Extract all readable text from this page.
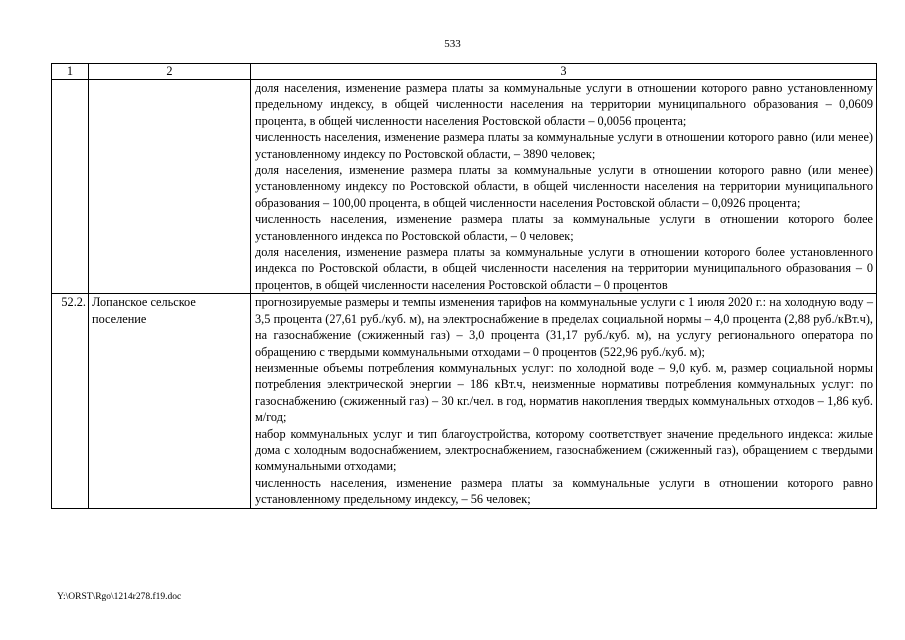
533
1	2	3

		доля населения, изменение размера платы за коммунальные услуги в отношении которого равно установленному предельному индексу, в общей численности населения на территории муниципального образования – 0,0609 процента, в общей численности населения Ростовской области – 0,0056 процента;

численность населения, изменение размера платы за коммунальные услуги в отношении которого равно (или менее) установленному индексу по Ростовской области, – 3890 человек;

доля населения, изменение размера платы за коммунальные услуги в отношении которого равно (или менее) установленному индексу по Ростовской области, в общей численности населения на территории муниципального образования – 100,00 процента, в общей численности населения Ростовской области – 0,0926 процента;

численность населения, изменение размера платы за коммунальные услуги в отношении которого более установленного индекса по Ростовской области, – 0 человек;

доля населения, изменение размера платы за коммунальные услуги в отношении которого более установленного индекса по Ростовской области, в общей численности населения на территории муниципального образования – 0 процентов, в общей численности населения Ростовской области – 0 процентов

52.2.	Лопанское сельское поселение	прогнозируемые размеры и темпы изменения тарифов на коммунальные услуги с 1 июля 2020 г.: на холодную воду – 3,5 процента (27,61 руб./куб. м), на электроснабжение в пределах социальной нормы – 4,0 процента (2,88 руб./кВт.ч), на газоснабжение (сжиженный газ) – 3,0 процента (31,17 руб./куб. м), на услугу регионального оператора по обращению с твердыми коммунальными отходами – 0 процентов (522,96 руб./куб. м);

неизменные объемы потребления коммунальных услуг: по холодной воде – 9,0 куб. м, размер социальной нормы потребления электрической энергии – 186 кВт.ч, неизменные нормативы потребления коммунальных услуг: по газоснабжению (сжиженный газ) – 30 кг./чел. в год, норматив накопления твердых коммунальных отходов – 1,86 куб. м/год;

набор коммунальных услуг и тип благоустройства, которому соответствует значение предельного индекса: жилые дома с холодным водоснабжением, электроснабжением, газоснабжением (сжиженный газ), обращением с твердыми коммунальными отходами;

численность населения, изменение размера платы за коммунальные услуги в отношении которого равно установленному предельному индексу, – 56 человек;

Y:\ORST\Rgo\1214r278.f19.doc
